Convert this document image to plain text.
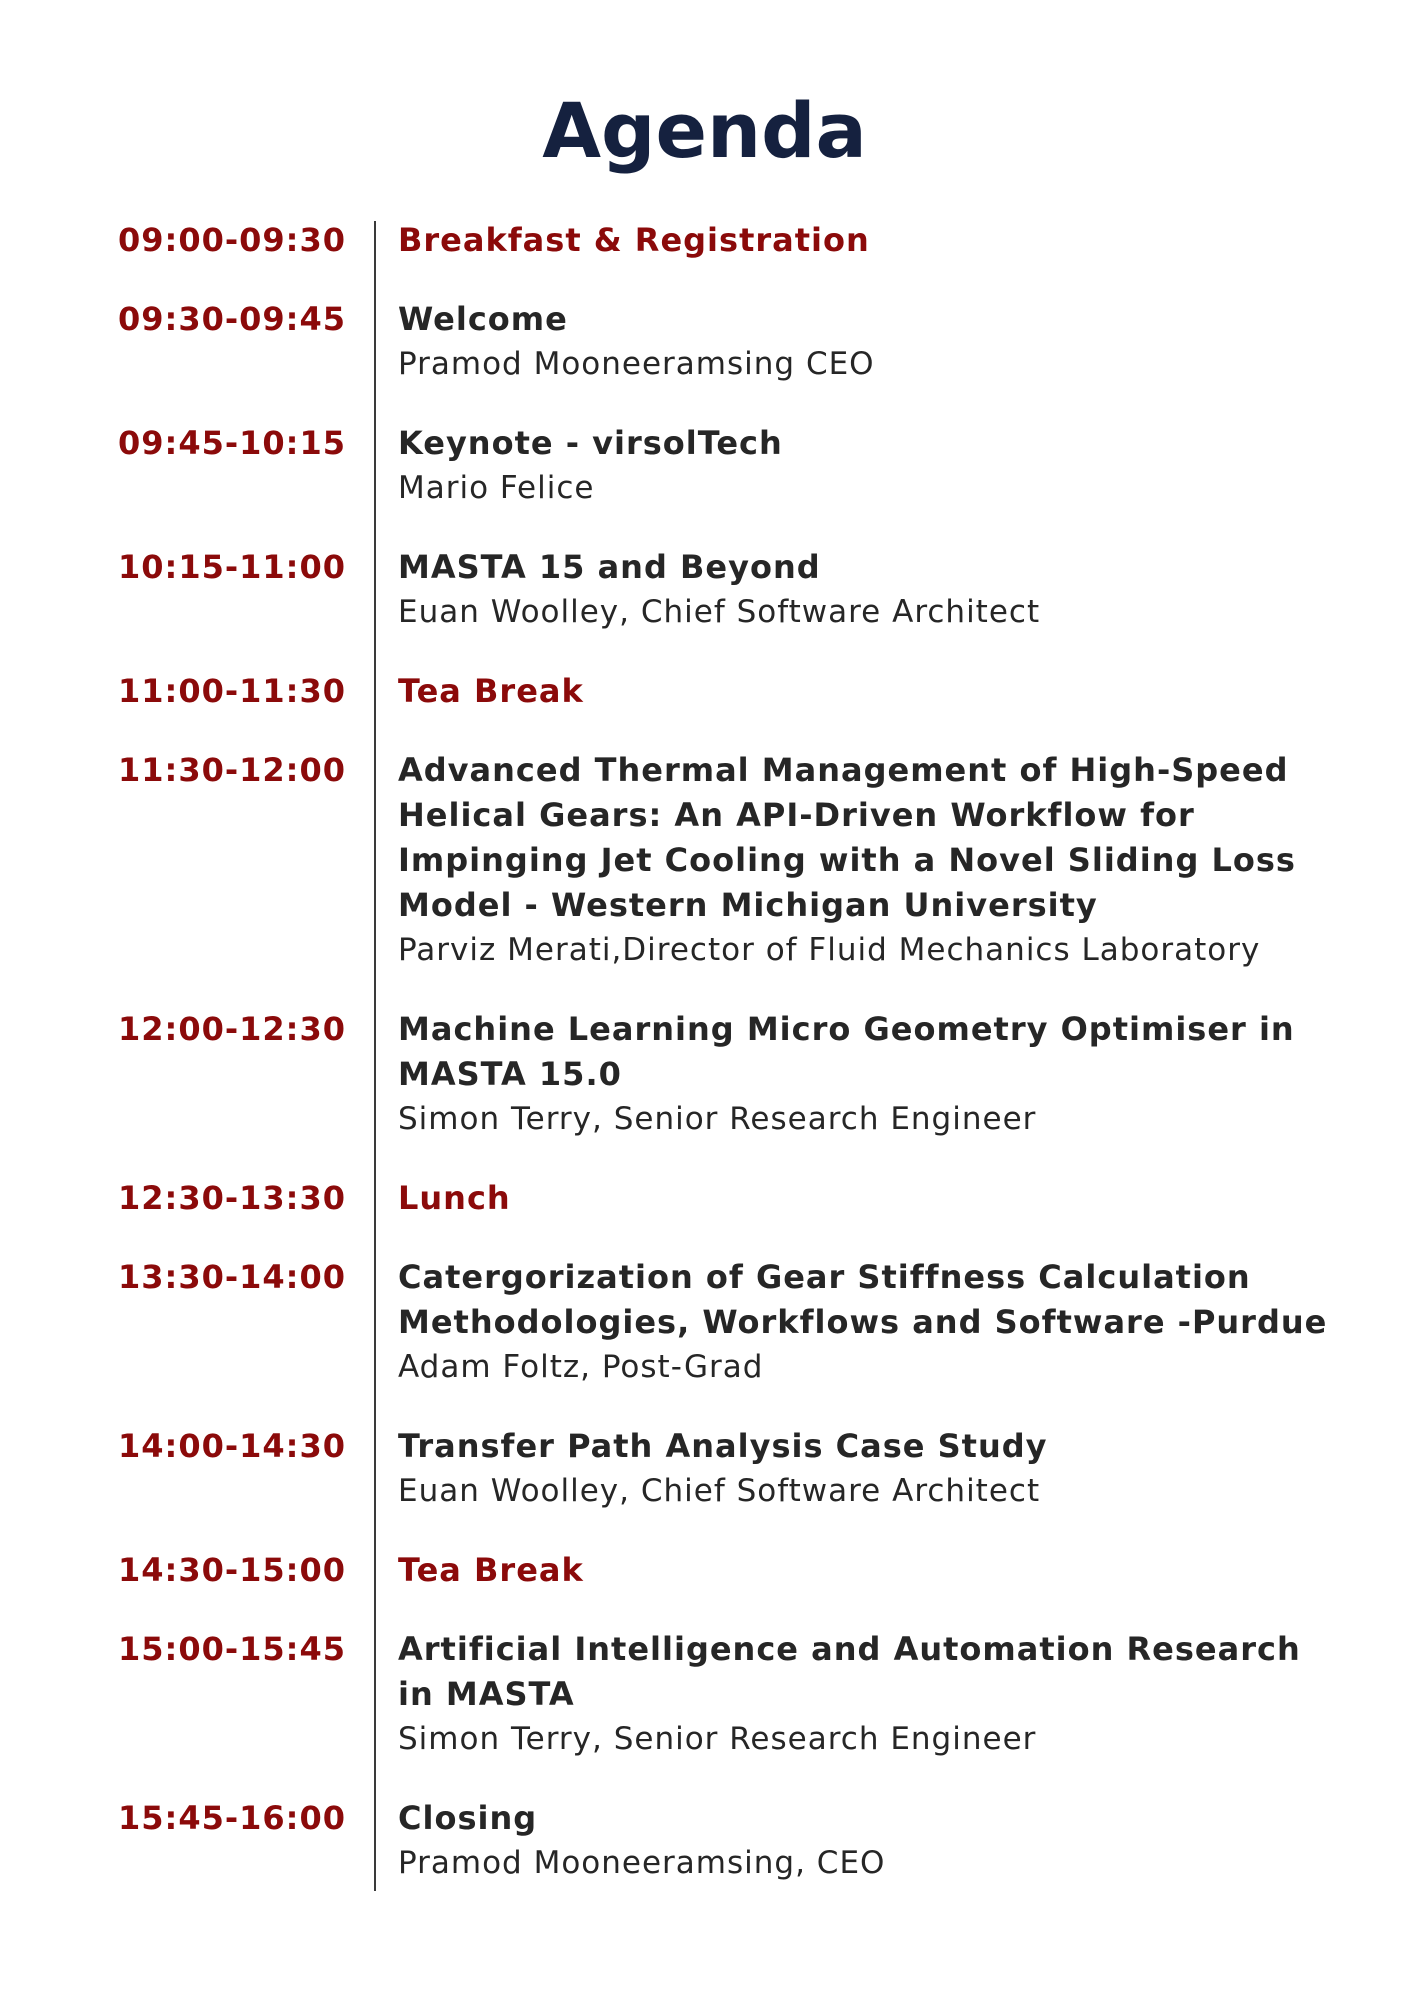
Agenda
09:00-09:30 Breakfast & Registration
09:30-09:45 Welcome
Pramod Mooneeramsing CEO
09:45-10:15 Keynote - virsolTech
Mario Felice
10:15-11:00 MASTA 15 and Beyond
Euan Woolley, Chief Software Architect
11:00-11:30 Tea Break
11:30-12:00 Advanced Thermal Management of High-Speed Helical Gears: An API-Driven Workflow for Impinging Jet Cooling with a Novel Sliding Loss Model - Western Michigan University
Parviz Merati,Director of Fluid Mechanics Laboratory
12:00-12:30 Machine Learning Micro Geometry Optimiser in MASTA 15.0
Simon Terry, Senior Research Engineer
12:30-13:30 Lunch
13:30-14:00 Catergorization of Gear Stiffness Calculation Methodologies, Workflows and Software -Purdue
Adam Foltz, Post-Grad
14:00-14:30 Transfer Path Analysis Case Study
Euan Woolley, Chief Software Architect
14:30-15:00 Tea Break
15:00-15:45 Artificial Intelligence and Automation Research in MASTA
Simon Terry, Senior Research Engineer
15:45-16:00 Closing
Pramod Mooneeramsing, CEO
